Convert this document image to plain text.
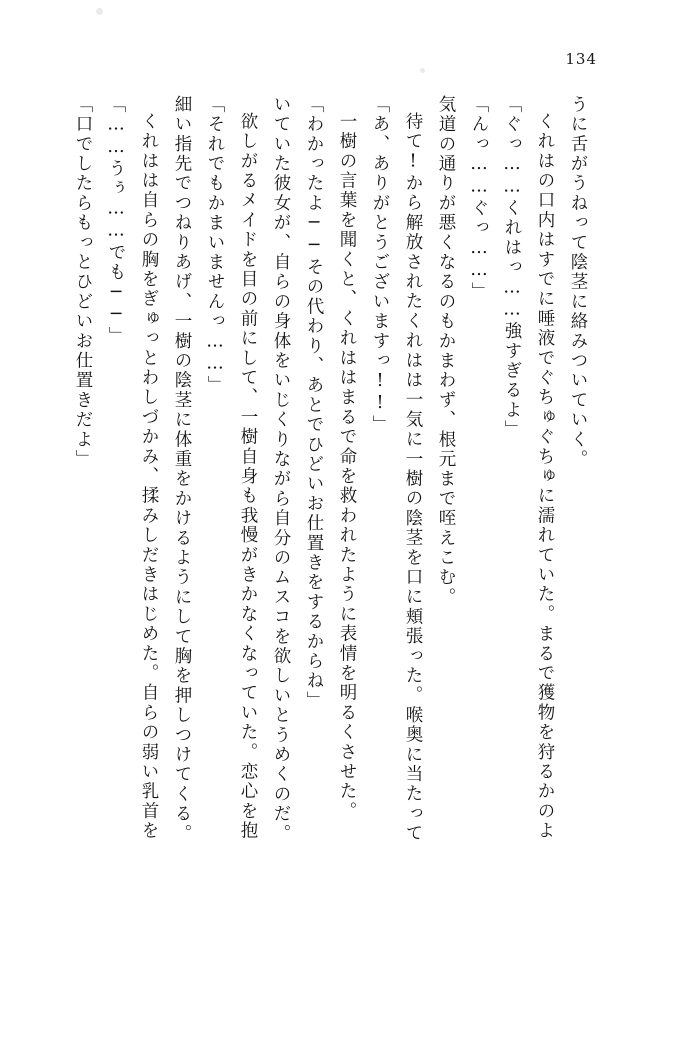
134
「口でしたらもっとひどいお仕置きだよ」 「……うぅ……でも──」 くれはは自らの胸をぎゅっとわしづかみ、揉みしだきはじめた。自らの弱い乳首を 細い指先でつねりあげ、一樹の陰茎に体重をかけるようにして胸を押しつけてくる。 「それでもかまいませんっ……」 欲しがるメイドを目の前にして、一樹自身も我慢がきかなくなっていた。恋心を抱 いていた彼女が、自らの身体をいじくりながら自分のムスコを欲しいとうめくのだ。 「わかったよ──その代わり、あとでひどいお仕置きをするからね」 一樹の言葉を聞くと、くれははまるで命を救われたように表情を明るくさせた。 「あ、ありがとうございますっ!!」 待て!から解放されたくれはは一気に一樹の陰茎を口に頬張った。喉奥に当たって 気道の通りが悪くなるのもかまわず、根元まで咥えこむ。 「んっ……ぐっ……」 「ぐっ……くれはっ……強すぎるよ」 くれはの口内はすでに唾液でぐちゅぐちゅに濡れていた。まるで獲物を狩るかのよ うに舌がうねって陰茎に絡みついていく。
